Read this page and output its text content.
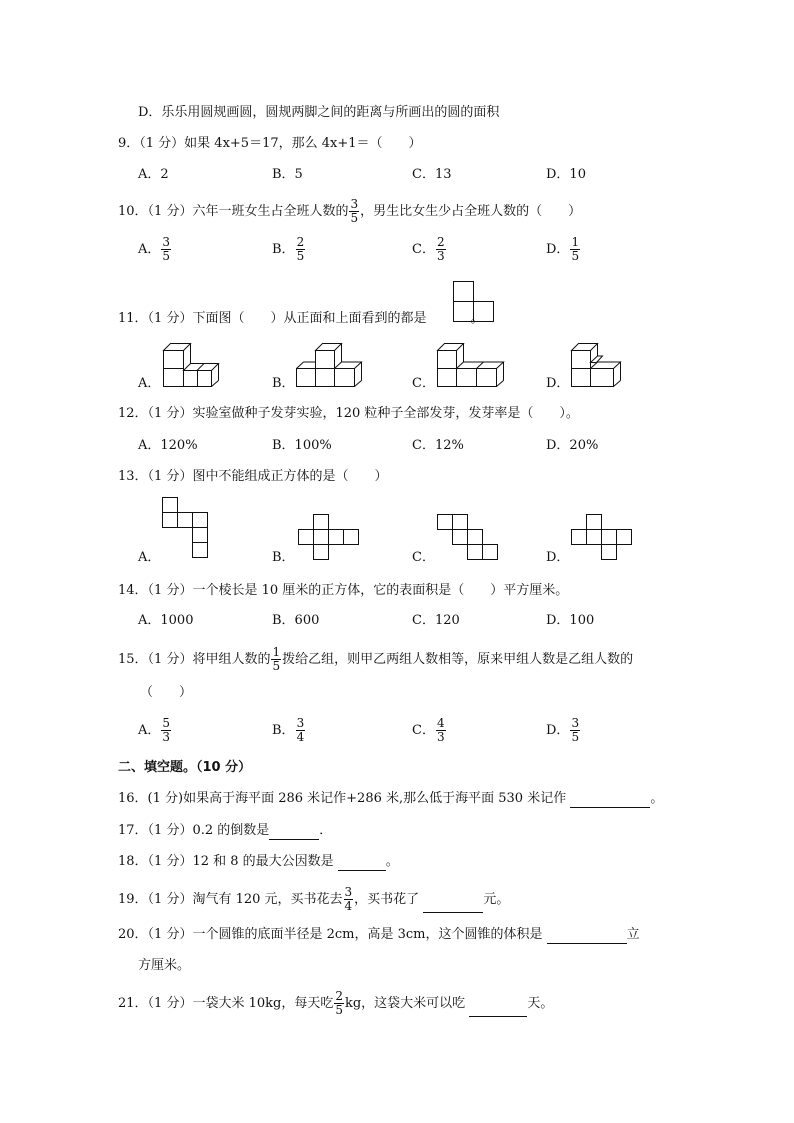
D．乐乐用圆规画圆，圆规两脚之间的距离与所画出的圆的面积
9．（1 分）如果 4x+5＝17，那么 4x+1＝（　　）
A．2	B．5	C．13	D．10
10．（1 分）六年一班女生占全班人数的 $\frac{3}{5}$ ，男生比女生少占全班人数的（　　）
A． $\frac{3}{5}$	B． $\frac{2}{5}$	C． $\frac{2}{3}$	D． $\frac{1}{5}$
11．（1 分）下面图（　　）从正面和上面看到的都是	。
A．	B．	C．	D．
12．（1 分）实验室做种子发芽实验，120 粒种子全部发芽，发芽率是（　　）。
A．120%	B．100%	C．12%	D．20%
13．（1 分）图中不能组成正方体的是（　　）
A．	B．	C．	D．
14．（1 分）一个棱长是 10 厘米的正方体，它的表面积是（　　）平方厘米。
A．1000	B．600	C．120	D．100
15．（1 分）将甲组人数的 $\frac{1}{5}$ 拨给乙组，则甲乙两组人数相等，原来甲组人数是乙组人数的
（　　）
A． $\frac{5}{3}$	B． $\frac{3}{4}$	C． $\frac{4}{3}$	D． $\frac{3}{5}$
二、填空题。（10 分）
16．(1 分)如果高于海平面 286 米记作+286 米,那么低于海平面 530 米记作	。
17．（1 分）0.2 的倒数是	．
18．（1 分）12 和 8 的最大公因数是	。
19．（1 分）淘气有 120 元，买书花去 $\frac{3}{4}$ ，买书花了	元。
20．（1 分）一个圆锥的底面半径是 2cm，高是 3cm，这个圆锥的体积是	立
方厘米。
21．（1 分）一袋大米 10kg，每天吃 $\frac{2}{5}$ kg，这袋大米可以吃	天。
